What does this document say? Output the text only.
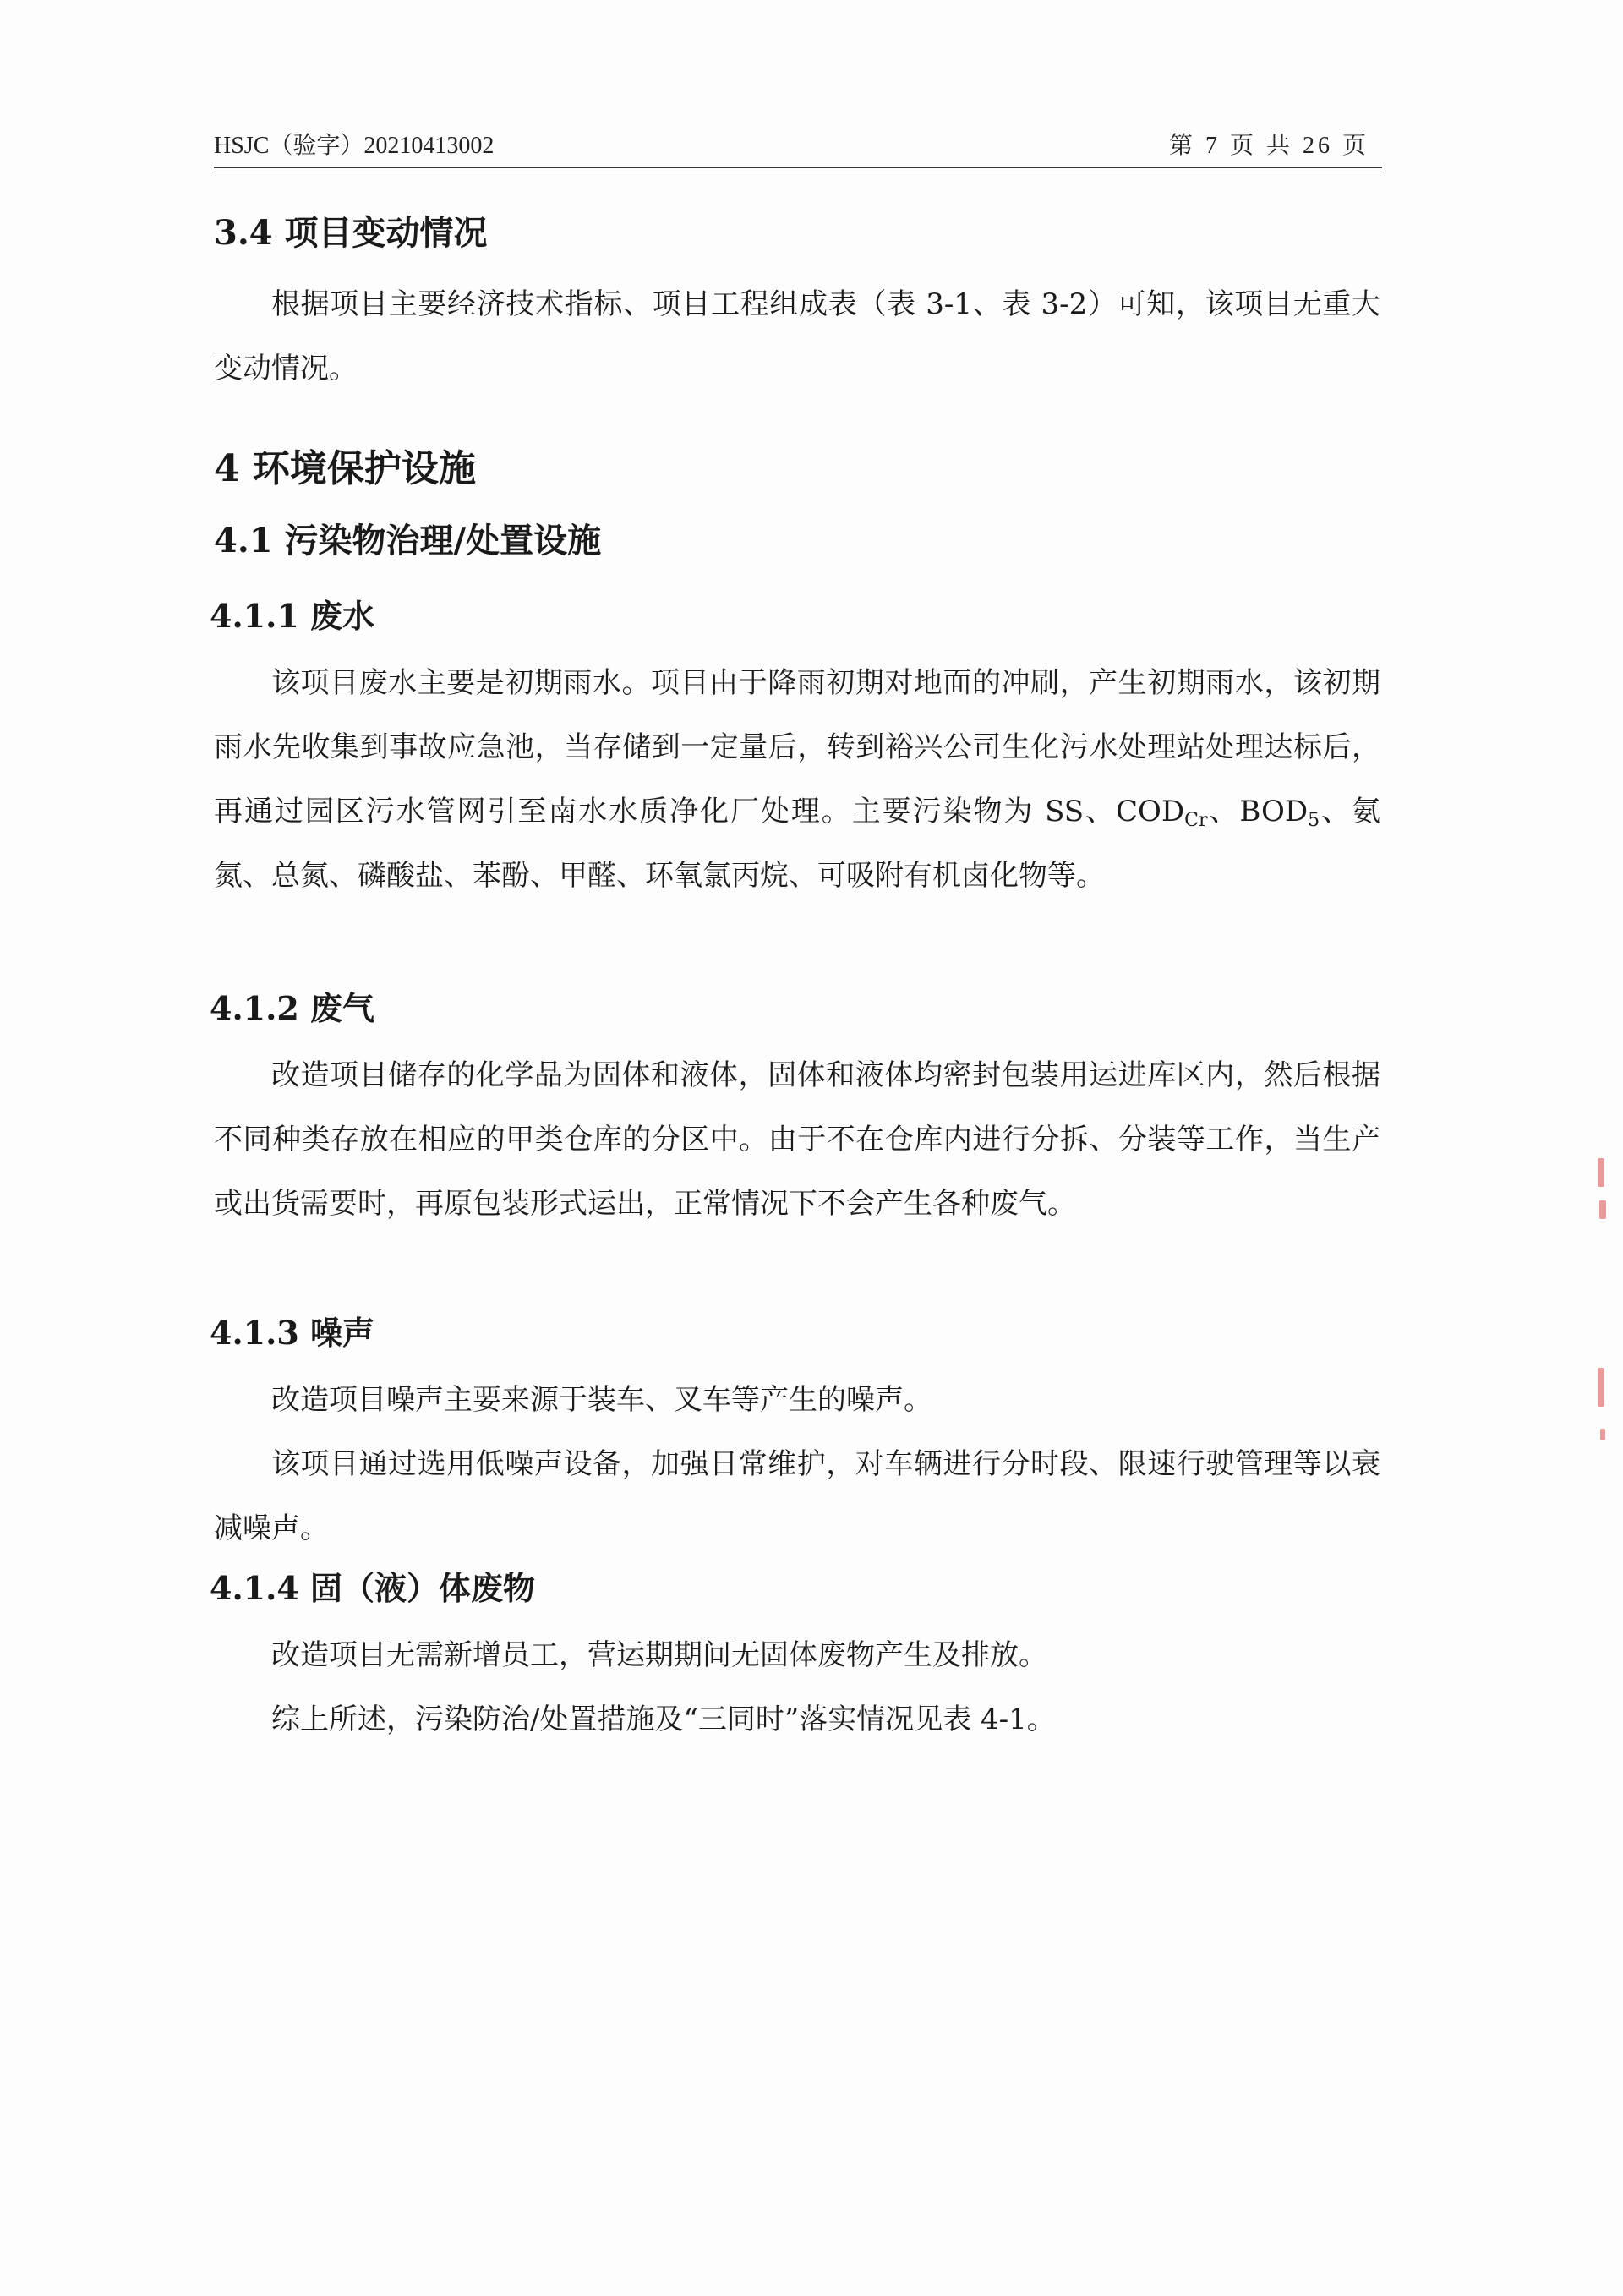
HSJC（验字）20210413002	第 7 页 共 26 页
3.4 项目变动情况
根据项目主要经济技术指标、项目工程组成表（表 3-1、表 3-2）可知，该项目无重大变动情况。
4 环境保护设施
4.1 污染物治理/处置设施
4.1.1 废水
该项目废水主要是初期雨水。项目由于降雨初期对地面的冲刷，产生初期雨水，该初期雨水先收集到事故应急池，当存储到一定量后，转到裕兴公司生化污水处理站处理达标后，再通过园区污水管网引至南水水质净化厂处理。主要污染物为 SS、$COD_{Cr}$、$BOD_5$、氨氮、总氮、磷酸盐、苯酚、甲醛、环氧氯丙烷、可吸附有机卤化物等。
4.1.2 废气
改造项目储存的化学品为固体和液体，固体和液体均密封包装用运进库区内，然后根据不同种类存放在相应的甲类仓库的分区中。由于不在仓库内进行分拆、分装等工作，当生产或出货需要时，再原包装形式运出，正常情况下不会产生各种废气。
4.1.3 噪声
改造项目噪声主要来源于装车、叉车等产生的噪声。
该项目通过选用低噪声设备，加强日常维护，对车辆进行分时段、限速行驶管理等以衰减噪声。
4.1.4 固（液）体废物
改造项目无需新增员工，营运期期间无固体废物产生及排放。
综上所述，污染防治/处置措施及“三同时”落实情况见表 4-1。
